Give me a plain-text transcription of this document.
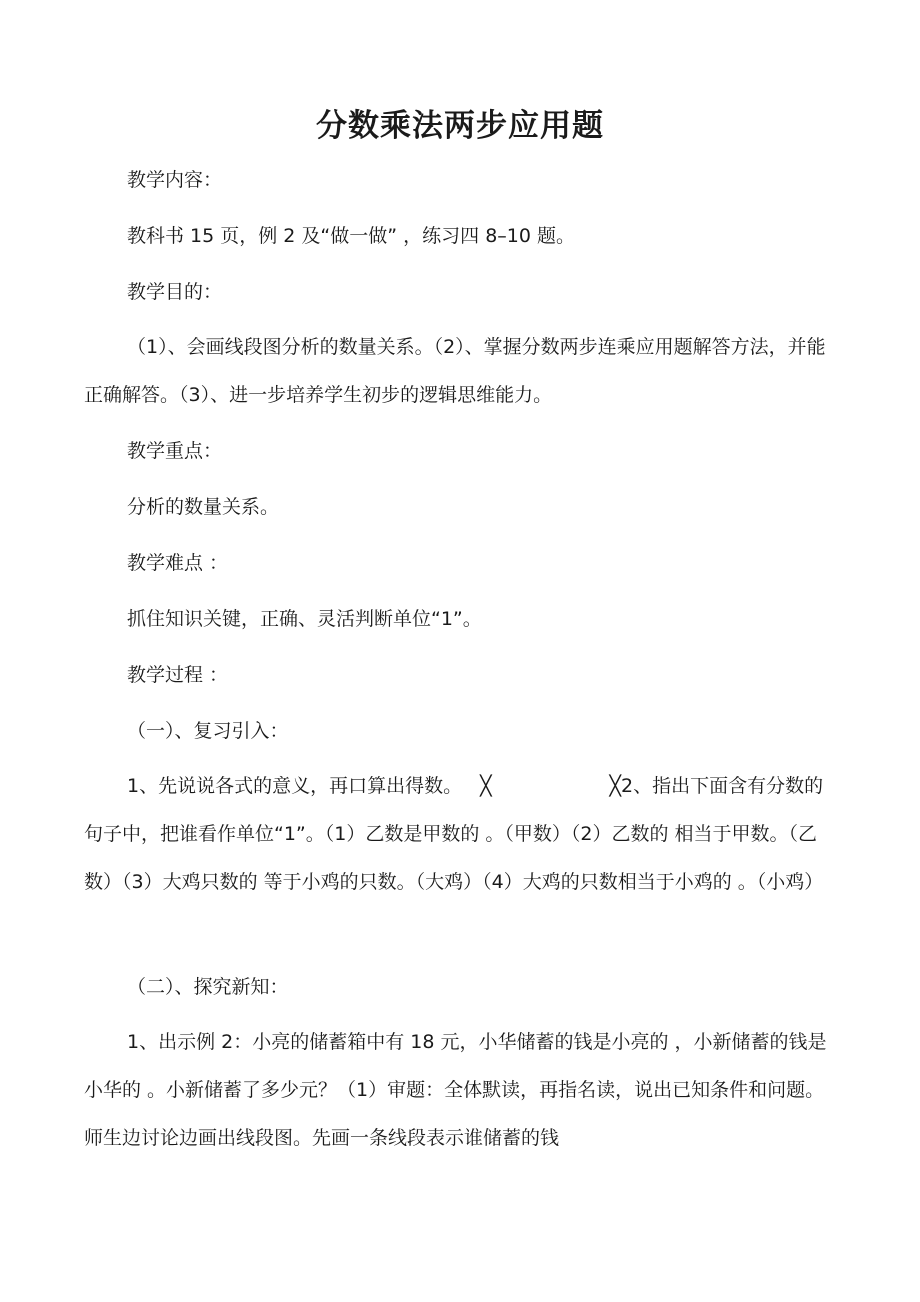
分数乘法两步应用题
教学内容：
教科书 15 页，例 2 及“做一做” ，练习四 8–10 题。
教学目的：
（1）、会画线段图分析的数量关系。（2）、掌握分数两步连乘应用题解答方法，并能正确解答。（3）、进一步培养学生初步的逻辑思维能力。
教学重点：
分析的数量关系。
教学难点 ：
抓住知识关键，正确、灵活判断单位“1”。
教学过程 ：
（一）、复习引入：
1、先说说各式的意义，再口算出得数。 ╳	╳2、指出下面含有分数的句子中，把谁看作单位“1”。（1）乙数是甲数的 。（甲数）（2）乙数的 相当于甲数。（乙数）（3）大鸡只数的 等于小鸡的只数。（大鸡）（4）大鸡的只数相当于小鸡的 。（小鸡）
（二）、探究新知：
1、出示例 2：小亮的储蓄箱中有 18 元，小华储蓄的钱是小亮的 ，小新储蓄的钱是小华的 。小新储蓄了多少元？（1）审题：全体默读，再指名读，说出已知条件和问题。师生边讨论边画出线段图。先画一条线段表示谁储蓄的钱
